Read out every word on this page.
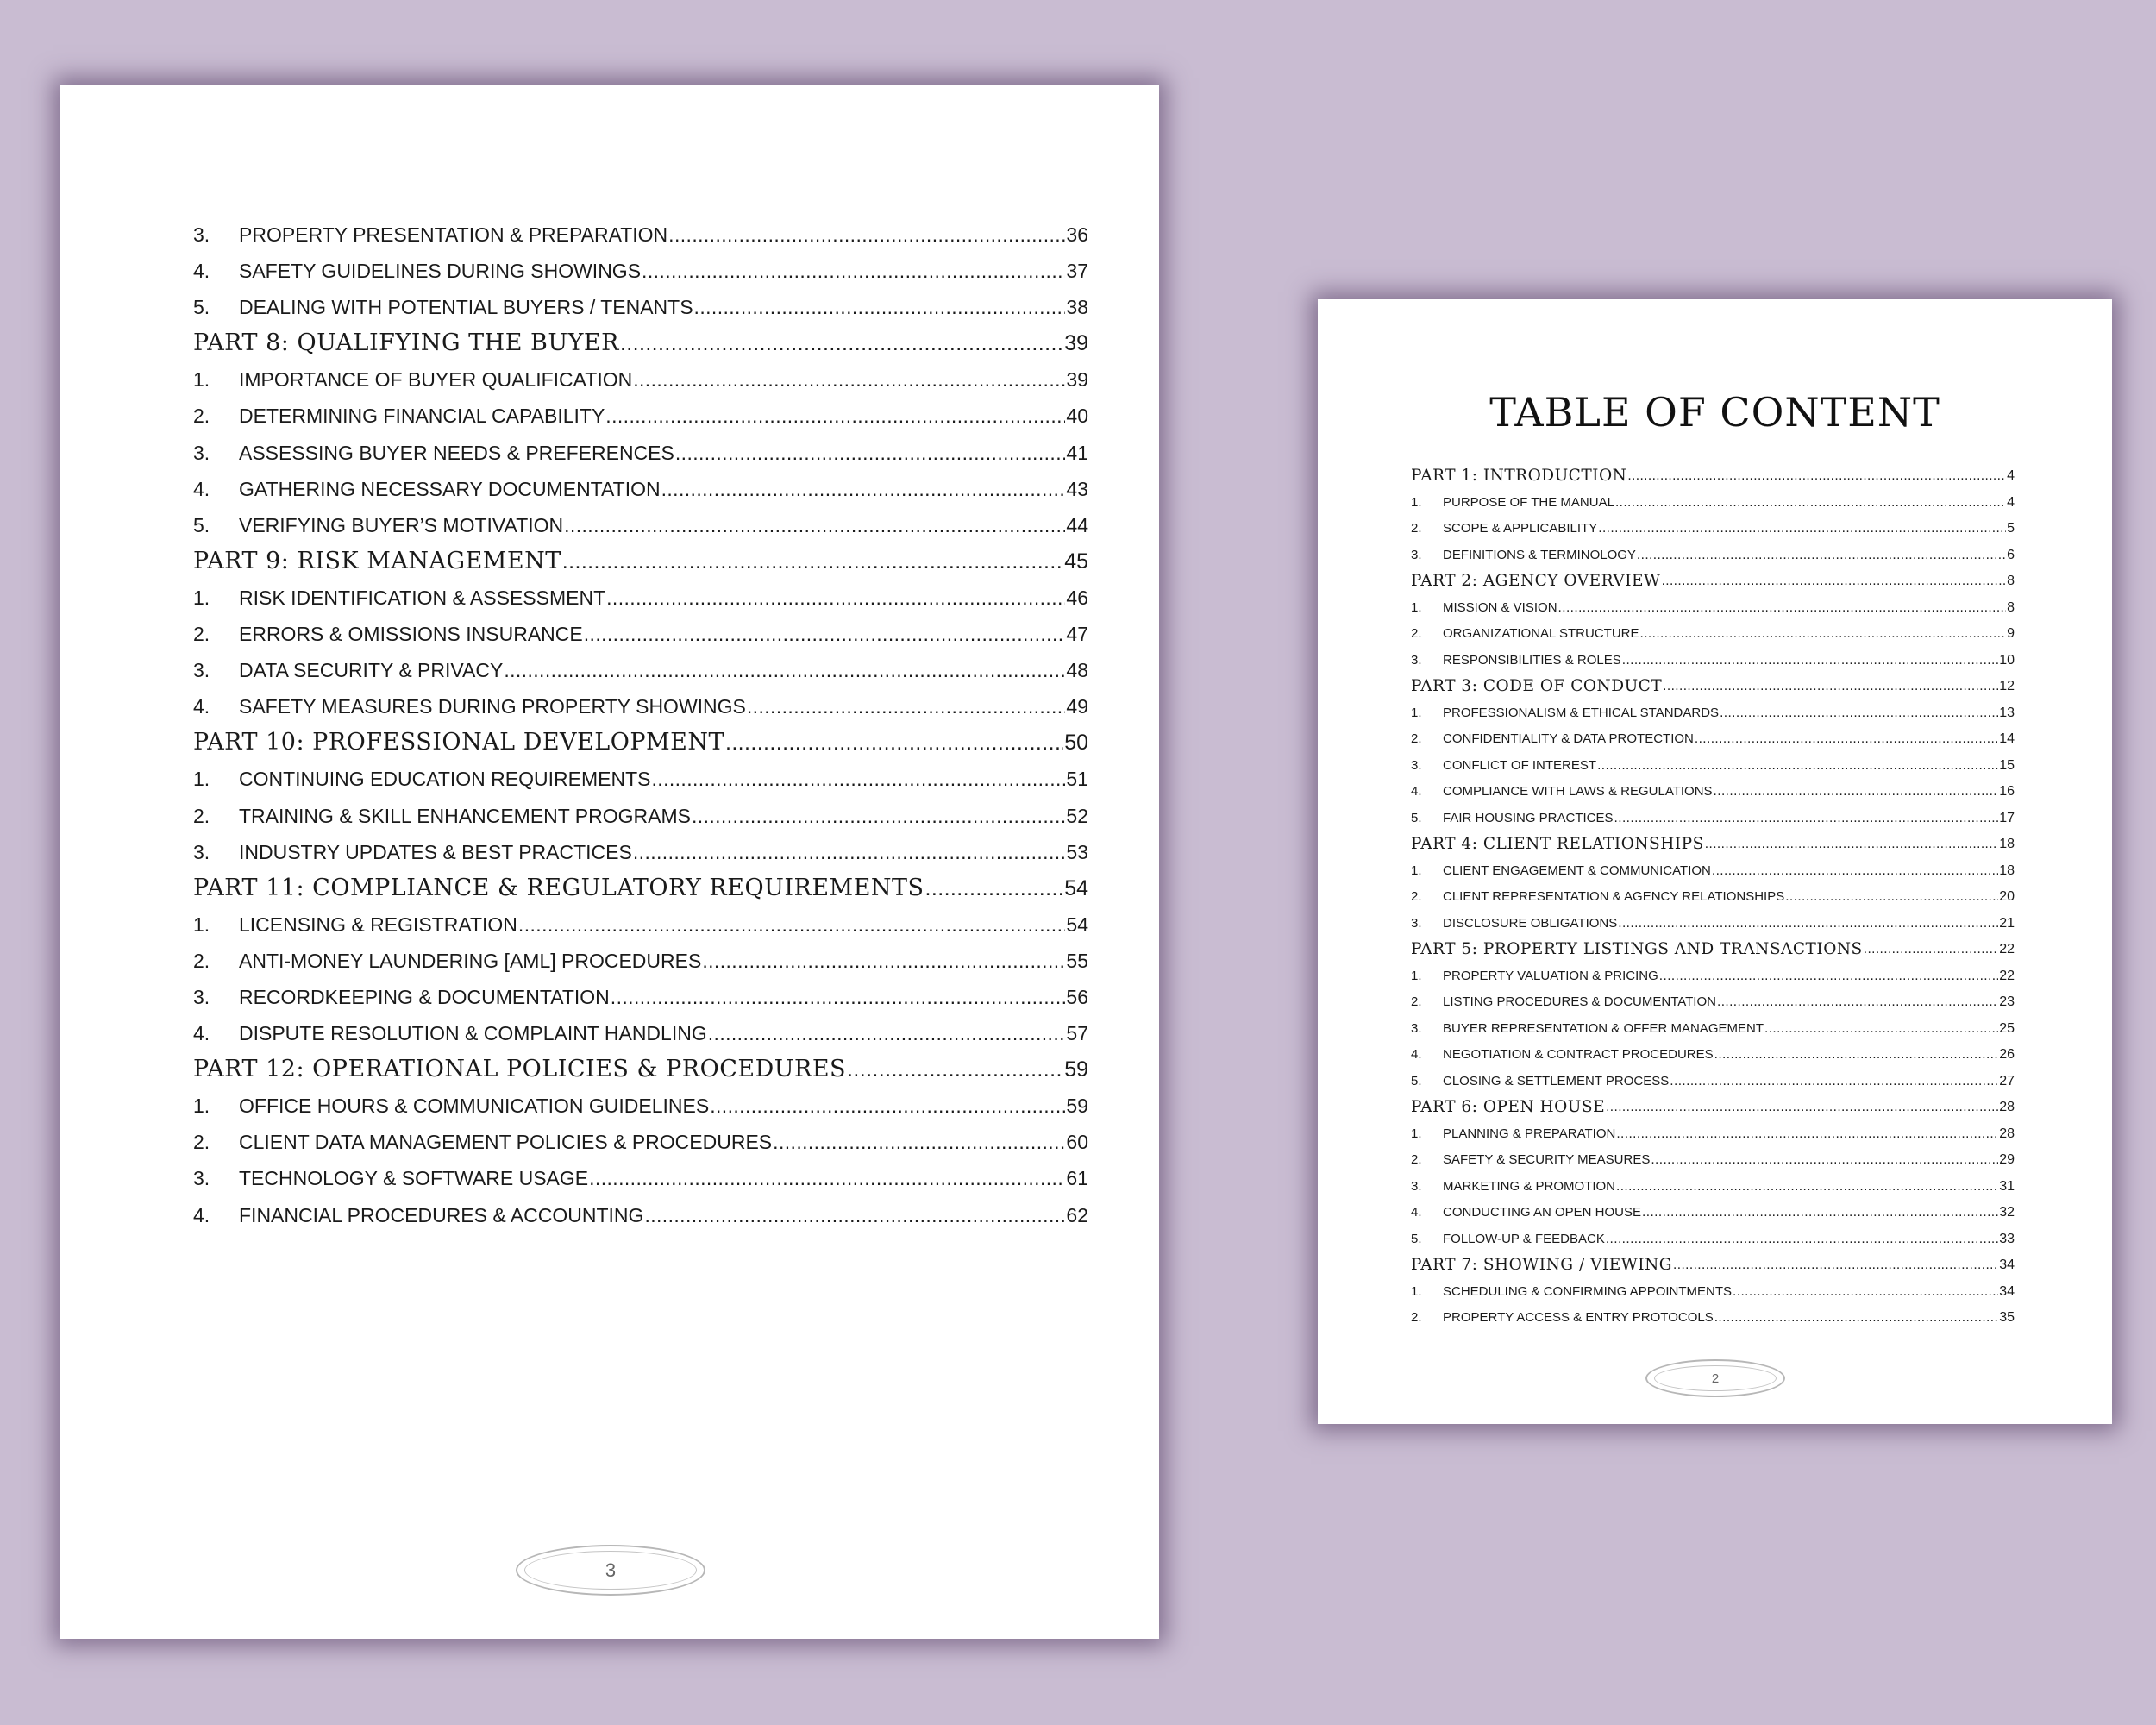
3.	PROPERTY PRESENTATION & PREPARATION .....	36
4.	SAFETY GUIDELINES DURING SHOWINGS .....	37
5.	DEALING WITH POTENTIAL BUYERS / TENANTS .....	38
PART 8: QUALIFYING THE BUYER .....	39
1.	IMPORTANCE OF BUYER QUALIFICATION .....	39
2.	DETERMINING FINANCIAL CAPABILITY .....	40
3.	ASSESSING BUYER NEEDS & PREFERENCES .....	41
4.	GATHERING NECESSARY DOCUMENTATION .....	43
5.	VERIFYING BUYER’S MOTIVATION .....	44
PART 9: RISK MANAGEMENT .....	45
1.	RISK IDENTIFICATION & ASSESSMENT .....	46
2.	ERRORS & OMISSIONS INSURANCE .....	47
3.	DATA SECURITY & PRIVACY .....	48
4.	SAFETY MEASURES DURING PROPERTY SHOWINGS .....	49
PART 10: PROFESSIONAL DEVELOPMENT .....	50
1.	CONTINUING EDUCATION REQUIREMENTS .....	51
2.	TRAINING & SKILL ENHANCEMENT PROGRAMS .....	52
3.	INDUSTRY UPDATES & BEST PRACTICES .....	53
PART 11: COMPLIANCE & REGULATORY REQUIREMENTS .....	54
1.	LICENSING & REGISTRATION .....	54
2.	ANTI-MONEY LAUNDERING [AML] PROCEDURES .....	55
3.	RECORDKEEPING & DOCUMENTATION .....	56
4.	DISPUTE RESOLUTION & COMPLAINT HANDLING .....	57
PART 12: OPERATIONAL POLICIES & PROCEDURES .....	59
1.	OFFICE HOURS & COMMUNICATION GUIDELINES .....	59
2.	CLIENT DATA MANAGEMENT POLICIES & PROCEDURES .....	60
3.	TECHNOLOGY & SOFTWARE USAGE .....	61
4.	FINANCIAL PROCEDURES & ACCOUNTING .....	62
3
TABLE OF CONTENT
PART 1: INTRODUCTION .....	4
1.	PURPOSE OF THE MANUAL .....	4
2.	SCOPE & APPLICABILITY .....	5
3.	DEFINITIONS & TERMINOLOGY .....	6
PART 2: AGENCY OVERVIEW .....	8
1.	MISSION & VISION .....	8
2.	ORGANIZATIONAL STRUCTURE .....	9
3.	RESPONSIBILITIES & ROLES .....	10
PART 3: CODE OF CONDUCT .....	12
1.	PROFESSIONALISM & ETHICAL STANDARDS .....	13
2.	CONFIDENTIALITY & DATA PROTECTION .....	14
3.	CONFLICT OF INTEREST .....	15
4.	COMPLIANCE WITH LAWS & REGULATIONS .....	16
5.	FAIR HOUSING PRACTICES .....	17
PART 4: CLIENT RELATIONSHIPS .....	18
1.	CLIENT ENGAGEMENT & COMMUNICATION .....	18
2.	CLIENT REPRESENTATION & AGENCY RELATIONSHIPS .....	20
3.	DISCLOSURE OBLIGATIONS .....	21
PART 5: PROPERTY LISTINGS AND TRANSACTIONS .....	22
1.	PROPERTY VALUATION & PRICING .....	22
2.	LISTING PROCEDURES & DOCUMENTATION .....	23
3.	BUYER REPRESENTATION & OFFER MANAGEMENT .....	25
4.	NEGOTIATION & CONTRACT PROCEDURES .....	26
5.	CLOSING & SETTLEMENT PROCESS .....	27
PART 6: OPEN HOUSE .....	28
1.	PLANNING & PREPARATION .....	28
2.	SAFETY & SECURITY MEASURES .....	29
3.	MARKETING & PROMOTION .....	31
4.	CONDUCTING AN OPEN HOUSE .....	32
5.	FOLLOW-UP & FEEDBACK .....	33
PART 7: SHOWING / VIEWING .....	34
1.	SCHEDULING & CONFIRMING APPOINTMENTS .....	34
2.	PROPERTY ACCESS & ENTRY PROTOCOLS .....	35
2
